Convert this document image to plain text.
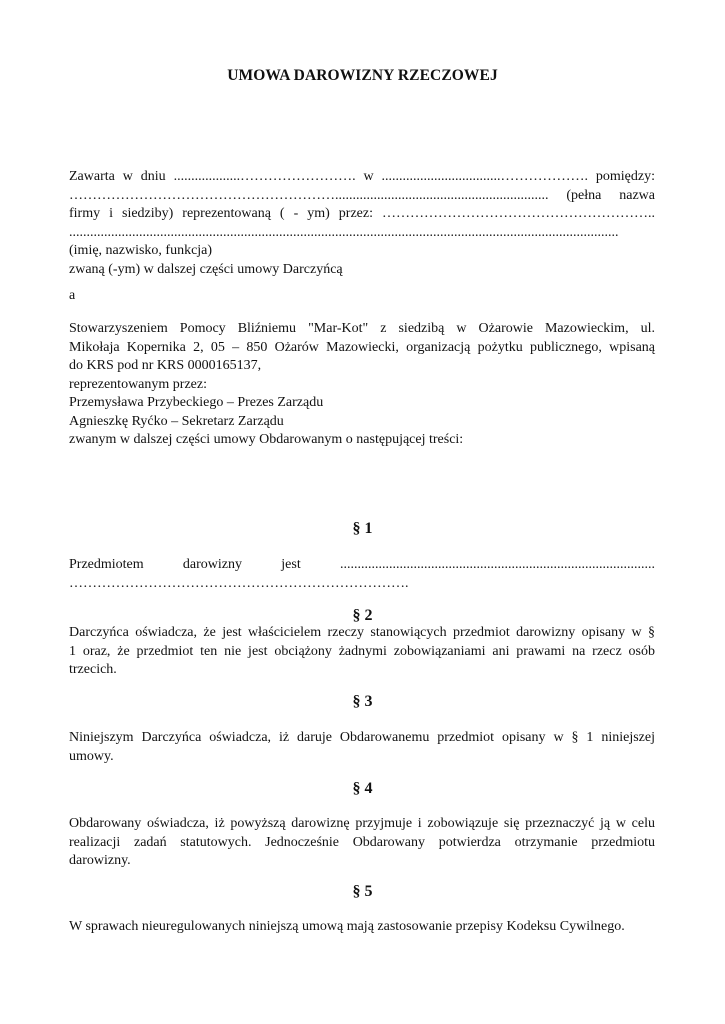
UMOWA DAROWIZNY RZECZOWEJ
Zawarta w dniu ...................……………………. w ..................................………………. pomiędzy:
…………………………………………………............................................................. (pełna nazwa
firmy i siedziby) reprezentowaną ( - ym) przez: …………………………………………………..
.............................................................................................................................................................
(imię, nazwisko, funkcja)
zwaną (-ym) w dalszej części umowy Darczyńcą
a
Stowarzyszeniem Pomocy Bliźniemu "Mar-Kot" z siedzibą w Ożarowie Mazowieckim, ul.
Mikołaja Kopernika 2, 05 – 850 Ożarów Mazowiecki, organizacją pożytku publicznego, wpisaną
do KRS pod nr KRS 0000165137,
reprezentowanym przez:
Przemysława Przybeckiego – Prezes Zarządu
Agnieszkę Ryćko – Sekretarz Zarządu
zwanym w dalszej części umowy Obdarowanym o następującej treści:
§ 1
Przedmiotem darowizny jest ..........................................................................................
……………………………………………………………….
§ 2
Darczyńca oświadcza, że jest właścicielem rzeczy stanowiących przedmiot darowizny opisany w §
1 oraz, że przedmiot ten nie jest obciążony żadnymi zobowiązaniami ani prawami na rzecz osób
trzecich.
§ 3
Niniejszym Darczyńca oświadcza, iż daruje Obdarowanemu przedmiot opisany w § 1 niniejszej
umowy.
§ 4
Obdarowany oświadcza, iż powyższą darowiznę przyjmuje i zobowiązuje się przeznaczyć ją w celu
realizacji zadań statutowych. Jednocześnie Obdarowany potwierdza otrzymanie przedmiotu
darowizny.
§ 5
W sprawach nieuregulowanych niniejszą umową mają zastosowanie przepisy Kodeksu Cywilnego.
